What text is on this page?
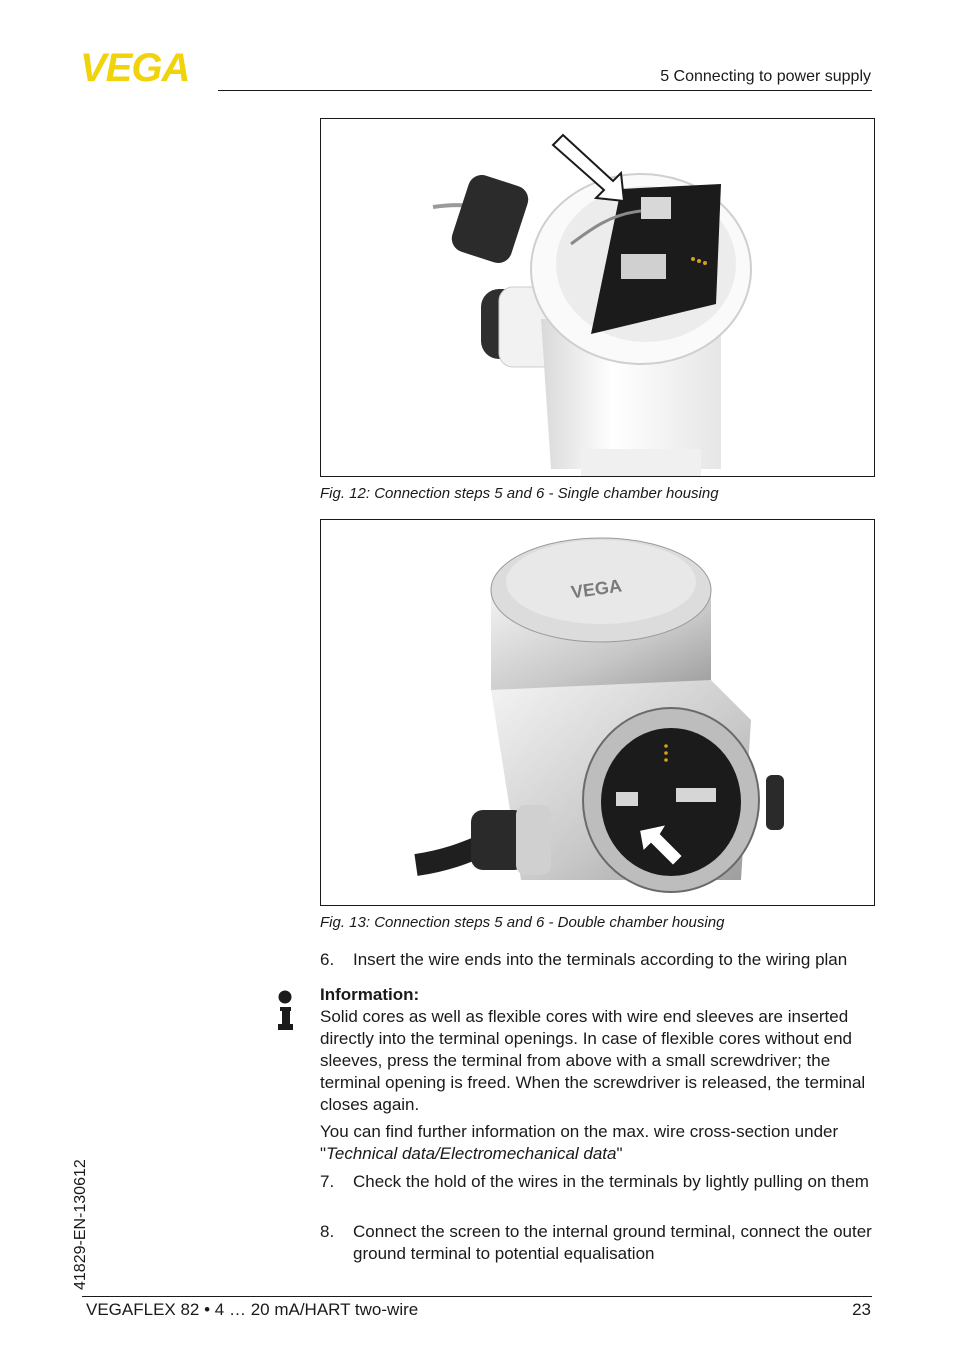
VEGA	5 Connecting to power supply
Fig. 12: Connection steps 5 and 6 - Single chamber housing
VEGA
Fig. 13: Connection steps 5 and 6 - Double chamber housing
6. Insert the wire ends into the terminals according to the wiring plan
Information:
Solid cores as well as flexible cores with wire end sleeves are inserted directly into the terminal openings. In case of flexible cores without end sleeves, press the terminal from above with a small screwdriver; the terminal opening is freed. When the screwdriver is released, the terminal closes again.
You can find further information on the max. wire cross-section under "Technical data/Electromechanical data"
7. Check the hold of the wires in the terminals by lightly pulling on them
8. Connect the screen to the internal ground terminal, connect the outer ground terminal to potential equalisation
41829-EN-130612
VEGAFLEX 82 • 4 … 20 mA/HART two-wire	23
